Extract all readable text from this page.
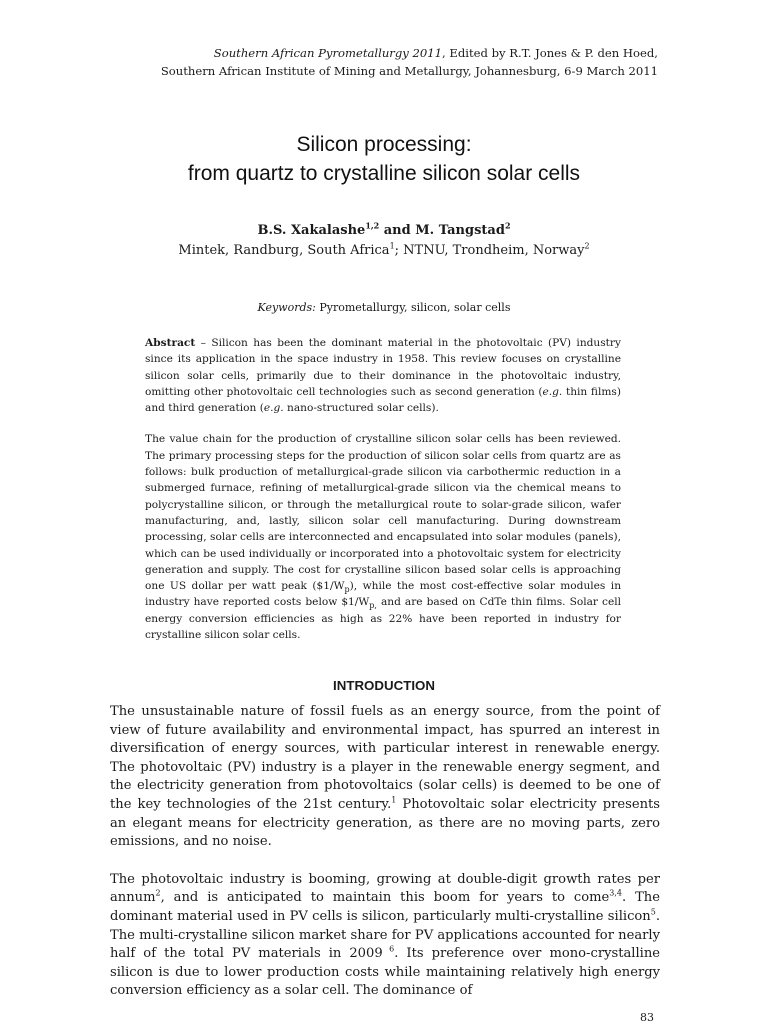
Southern African Pyrometallurgy 2011, Edited by R.T. Jones & P. den Hoed,
Southern African Institute of Mining and Metallurgy, Johannesburg, 6-9 March 2011
Silicon processing:
from quartz to crystalline silicon solar cells
B.S. Xakalashe$^{1,2}$ and M. Tangstad$^2$
Mintek, Randburg, South Africa$^1$; NTNU, Trondheim, Norway$^2$
Keywords: Pyrometallurgy, silicon, solar cells

Abstract – Silicon has been the dominant material in the photovoltaic (PV) industry since its application in the space industry in 1958. This review focuses on crystalline silicon solar cells, primarily due to their dominance in the photovoltaic industry, omitting other photovoltaic cell technologies such as second generation (e.g. thin films) and third generation (e.g. nano-structured solar cells).

The value chain for the production of crystalline silicon solar cells has been reviewed. The primary processing steps for the production of silicon solar cells from quartz are as follows: bulk production of metallurgical-grade silicon via carbothermic reduction in a submerged furnace, refining of metallurgical-grade silicon via the chemical means to polycrystalline silicon, or through the metallurgical route to solar-grade silicon, wafer manufacturing, and, lastly, silicon solar cell manufacturing. During downstream processing, solar cells are interconnected and encapsulated into solar modules (panels), which can be used individually or incorporated into a photovoltaic system for electricity generation and supply. The cost for crystalline silicon based solar cells is approaching one US dollar per watt peak $(\$1/W_p)$, while the most cost-effective solar modules in industry have reported costs below $\$1/W_{p,}$ and are based on CdTe thin films. Solar cell energy conversion efficiencies as high as 22% have been reported in industry for crystalline silicon solar cells.

INTRODUCTION

The unsustainable nature of fossil fuels as an energy source, from the point of view of future availability and environmental impact, has spurred an interest in diversification of energy sources, with particular interest in renewable energy. The photovoltaic (PV) industry is a player in the renewable energy segment, and the electricity generation from photovoltaics (solar cells) is deemed to be one of the key technologies of the 21st century.$^1$ Photovoltaic solar electricity presents an elegant means for electricity generation, as there are no moving parts, zero emissions, and no noise.

The photovoltaic industry is booming, growing at double-digit growth rates per annum$^2$, and is anticipated to maintain this boom for years to come$^{3,4}$. The dominant material used in PV cells is silicon, particularly multi-crystalline silicon$^5$. The multi-crystalline silicon market share for PV applications accounted for nearly half of the total PV materials in 2009 $^6$. Its preference over mono-crystalline silicon is due to lower production costs while maintaining relatively high energy conversion efficiency as a solar cell. The dominance of

83
